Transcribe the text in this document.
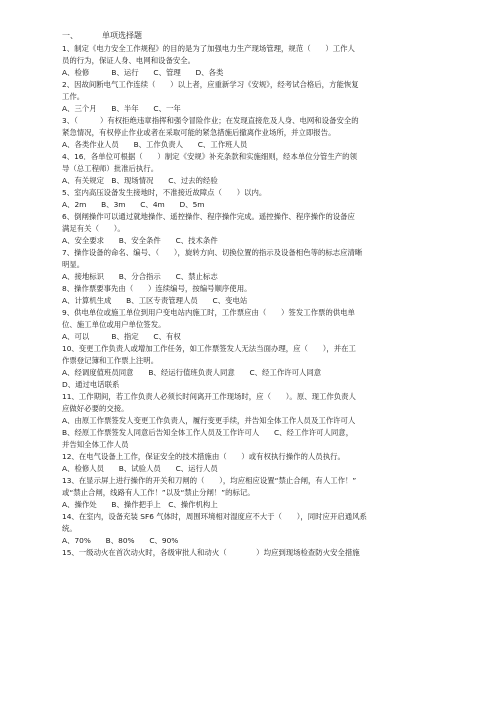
一、	单项选择题
1、制定《电力安全工作规程》的目的是为了加强电力生产现场管理，规范（　　）工作人
员的行为，保证人身、电网和设备安全。
A、检修　　　B、运行　　C、管理　　D、各类
2、因故间断电气工作连续（　　）以上者，应重新学习《安规》，经考试合格后，方能恢复
工作。
A、三个月　　B、半年　　C、一年
3、（　　　）有权拒绝违章指挥和强令冒险作业；在发现直接危及人身、电网和设备安全的
紧急情况，有权停止作业或者在采取可能的紧急措施后撤离作业场所，并立即报告。
A、各类作业人员　　B、工作负责人　　C、工作班人员
4、16．各单位可根据（　　）制定《安规》补充条款和实施细则，经本单位分管生产的领
导（总工程师）批准后执行。
A、有关规定　B、现场情况　　C、过去的经验
5、室内高压设备发生接地时，不准接近故障点（　　）以内。
A、2m　　B、3m　　C、4m　　D、5m
6、倒闸操作可以通过就地操作、遥控操作、程序操作完成。遥控操作、程序操作的设备应
满足有关（　　）。
A、安全要求　　B、安全条件　　C、技术条件
7、操作设备的命名、编号、（　　），旋转方向、切换位置的指示及设备相色等的标志应清晰
明显。
A、接地标识　　B、分合指示　　C、禁止标志
8、操作票要事先由（　　）连续编号，按编号顺序使用。
A、计算机生成　　B、工区专责管理人员　　C、变电站
9、供电单位或施工单位到用户变电站内施工时，工作票应由（　　）签发工作票的供电单
位、施工单位或用户单位签发。
A、可以　　　B、指定　　C、有权
10、变更工作负责人或增加工作任务，如工作票签发人无法当面办理，应（　　），并在工
作票登记簿和工作票上注明。
A、经调度值班员同意　　B、经运行值班负责人同意　　C、经工作许可人同意
D、通过电话联系
11、工作期间，若工作负责人必须长时间离开工作现场时，应（　　）。原、现工作负责人
应做好必要的交接。
A、由原工作票签发人变更工作负责人，履行变更手续，并告知全体工作人员及工作许可人
B、经原工作票签发人同意后告知全体工作人员及工作许可人　　C、经工作许可人同意，
并告知全体工作人员
12、在电气设备上工作，保证安全的技术措施由（　　）或有权执行操作的人员执行。
A、检修人员　　B、试验人员　　C、运行人员
13、在显示屏上进行操作的开关和刀闸的（　　），均应相应设置“禁止合闸，有人工作！”
或“禁止合闸，线路有人工作！”以及“禁止分闸！”的标记。
A、操作处　　B、操作把手上　C、操作机构上
14、在室内，设备充装 SF6 气体时，周围环境相对湿度应不大于（　　），同时应开启通风系
统。
A、70%　　B、80%　　C、90%
15、一级动火在首次动火时，各级审批人和动火（　　　　）均应到现场检查防火安全措施
